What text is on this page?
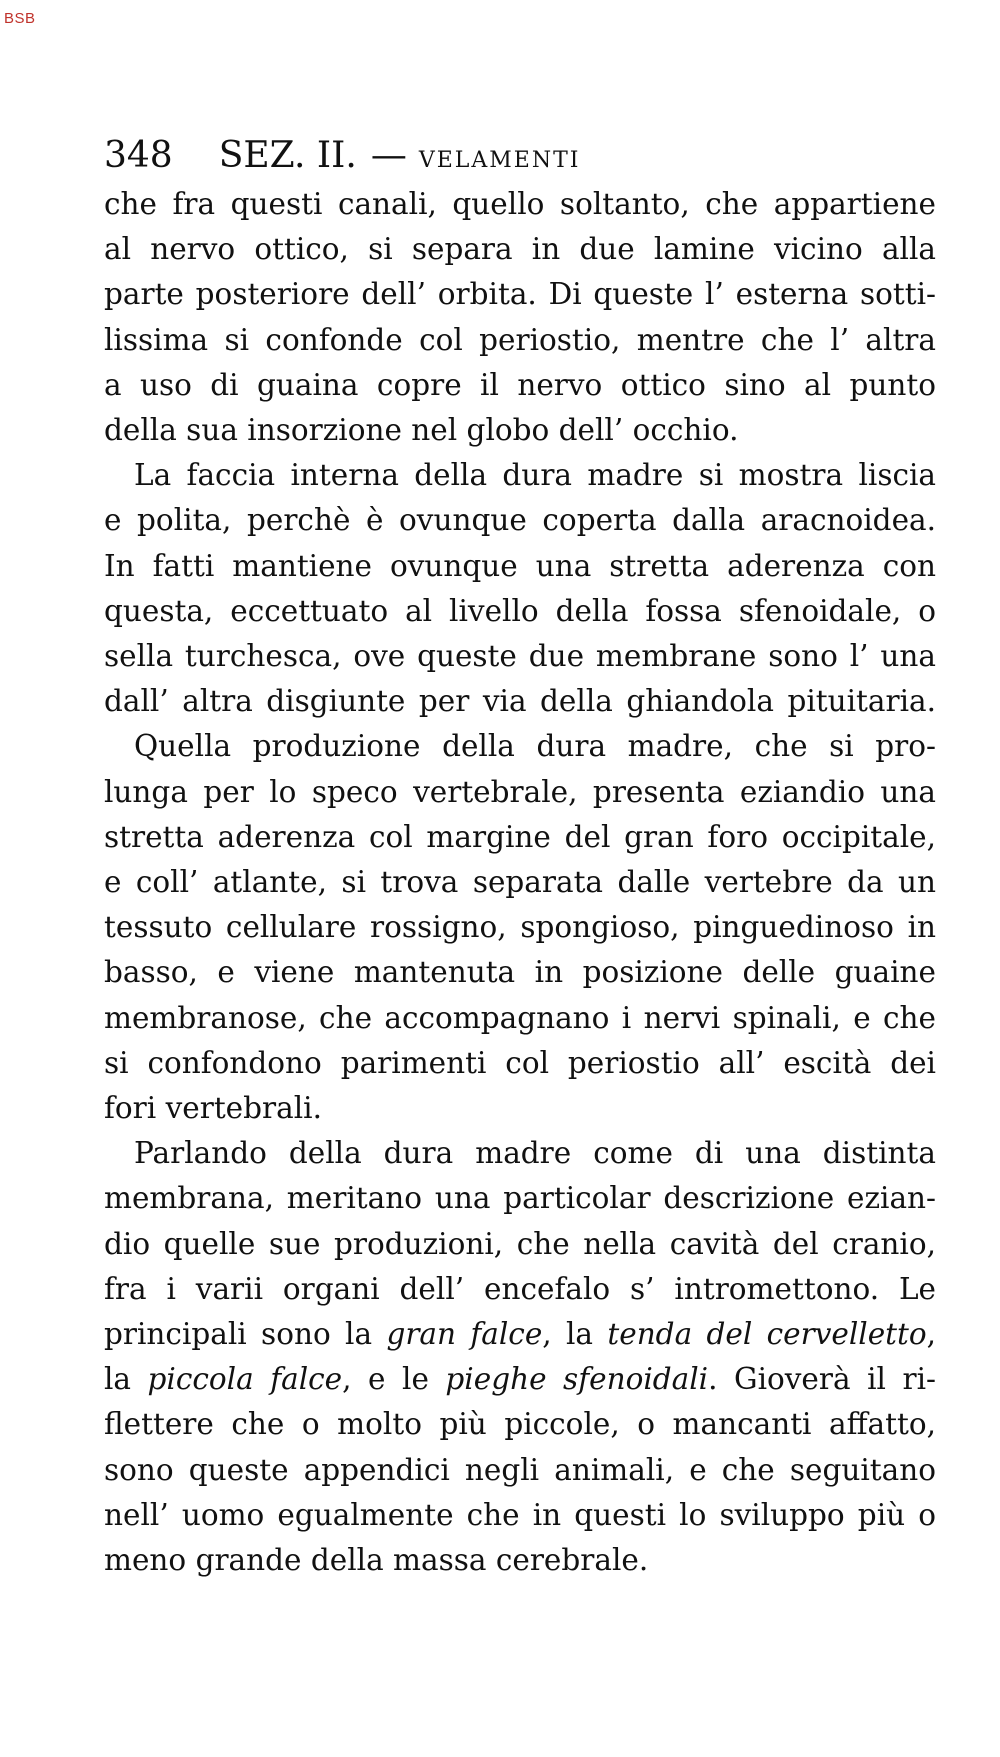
BSB
348 SEZ. II. — VELAMENTI
che fra questi canali, quello soltanto, che appartiene
al nervo ottico, si separa in due lamine vicino alla
parte posteriore dell’ orbita. Di queste l’ esterna sotti-
lissima si confonde col periostio, mentre che l’ altra
a uso di guaina copre il nervo ottico sino al punto
della sua insorzione nel globo dell’ occhio.
La faccia interna della dura madre si mostra liscia
e polita, perchè è ovunque coperta dalla aracnoidea.
In fatti mantiene ovunque una stretta aderenza con
questa, eccettuato al livello della fossa sfenoidale, o
sella turchesca, ove queste due membrane sono l’ una
dall’ altra disgiunte per via della ghiandola pituitaria.
Quella produzione della dura madre, che si pro-
lunga per lo speco vertebrale, presenta eziandio una
stretta aderenza col margine del gran foro occipitale,
e coll’ atlante, si trova separata dalle vertebre da un
tessuto cellulare rossigno, spongioso, pinguedinoso in
basso, e viene mantenuta in posizione delle guaine
membranose, che accompagnano i nervi spinali, e che
si confondono parimenti col periostio all’ escità dei
fori vertebrali.
Parlando della dura madre come di una distinta
membrana, meritano una particolar descrizione ezian-
dio quelle sue produzioni, che nella cavità del cranio,
fra i varii organi dell’ encefalo s’ intromettono. Le
principali sono la gran falce, la tenda del cervelletto,
la piccola falce, e le pieghe sfenoidali. Gioverà il ri-
flettere che o molto più piccole, o mancanti affatto,
sono queste appendici negli animali, e che seguitano
nell’ uomo egualmente che in questi lo sviluppo più o
meno grande della massa cerebrale.
